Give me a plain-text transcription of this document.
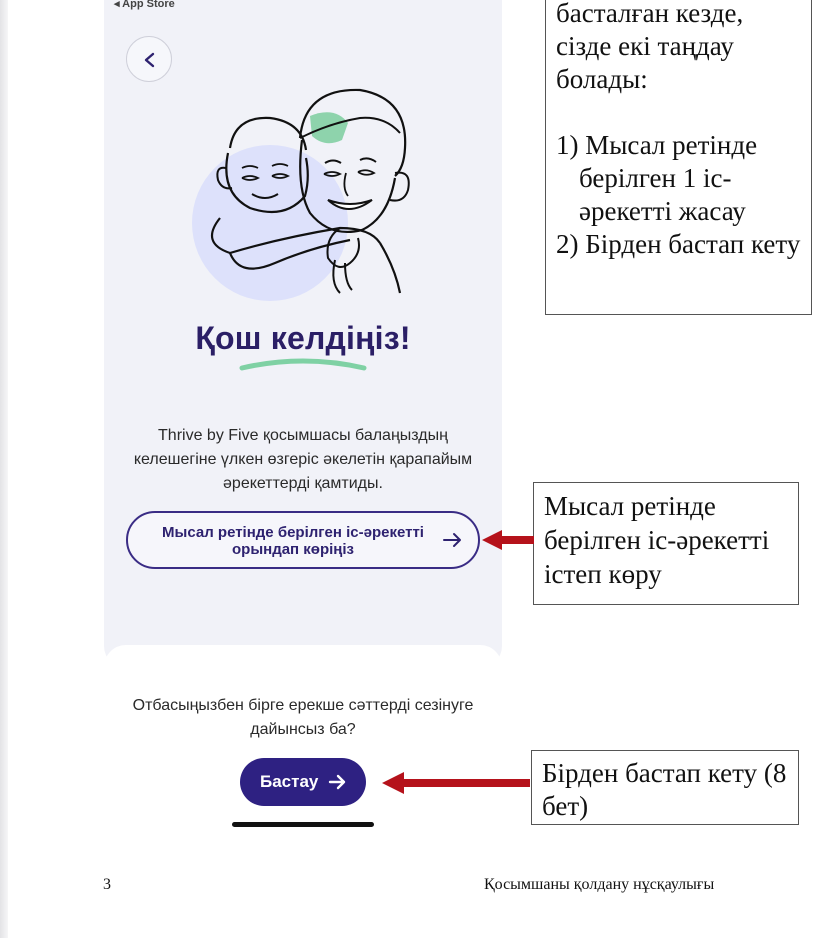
◂ App Store
Қош келдіңіз!
Thrive by Five қосымшасы балаңыздың келешегіне үлкен өзгеріс әкелетін қарапайым әрекеттерді қамтиды.
Мысал ретінде берілген іс-әрекетті орындап көріңіз
Отбасыңызбен бірге ерекше сәттерді сезінуге дайынсыз ба?
Бастау

басталған кезде,

сізде екі таңдау

болады:

1) Мысал ретінде берілген 1 іс-әрекетті жасау

2) Бірден бастап кету

Мысал ретінде берілген іс-әрекетті істеп көру
Бірден бастап кету (8 бет)
3	Қосымшаны қолдану нұсқаулығы
